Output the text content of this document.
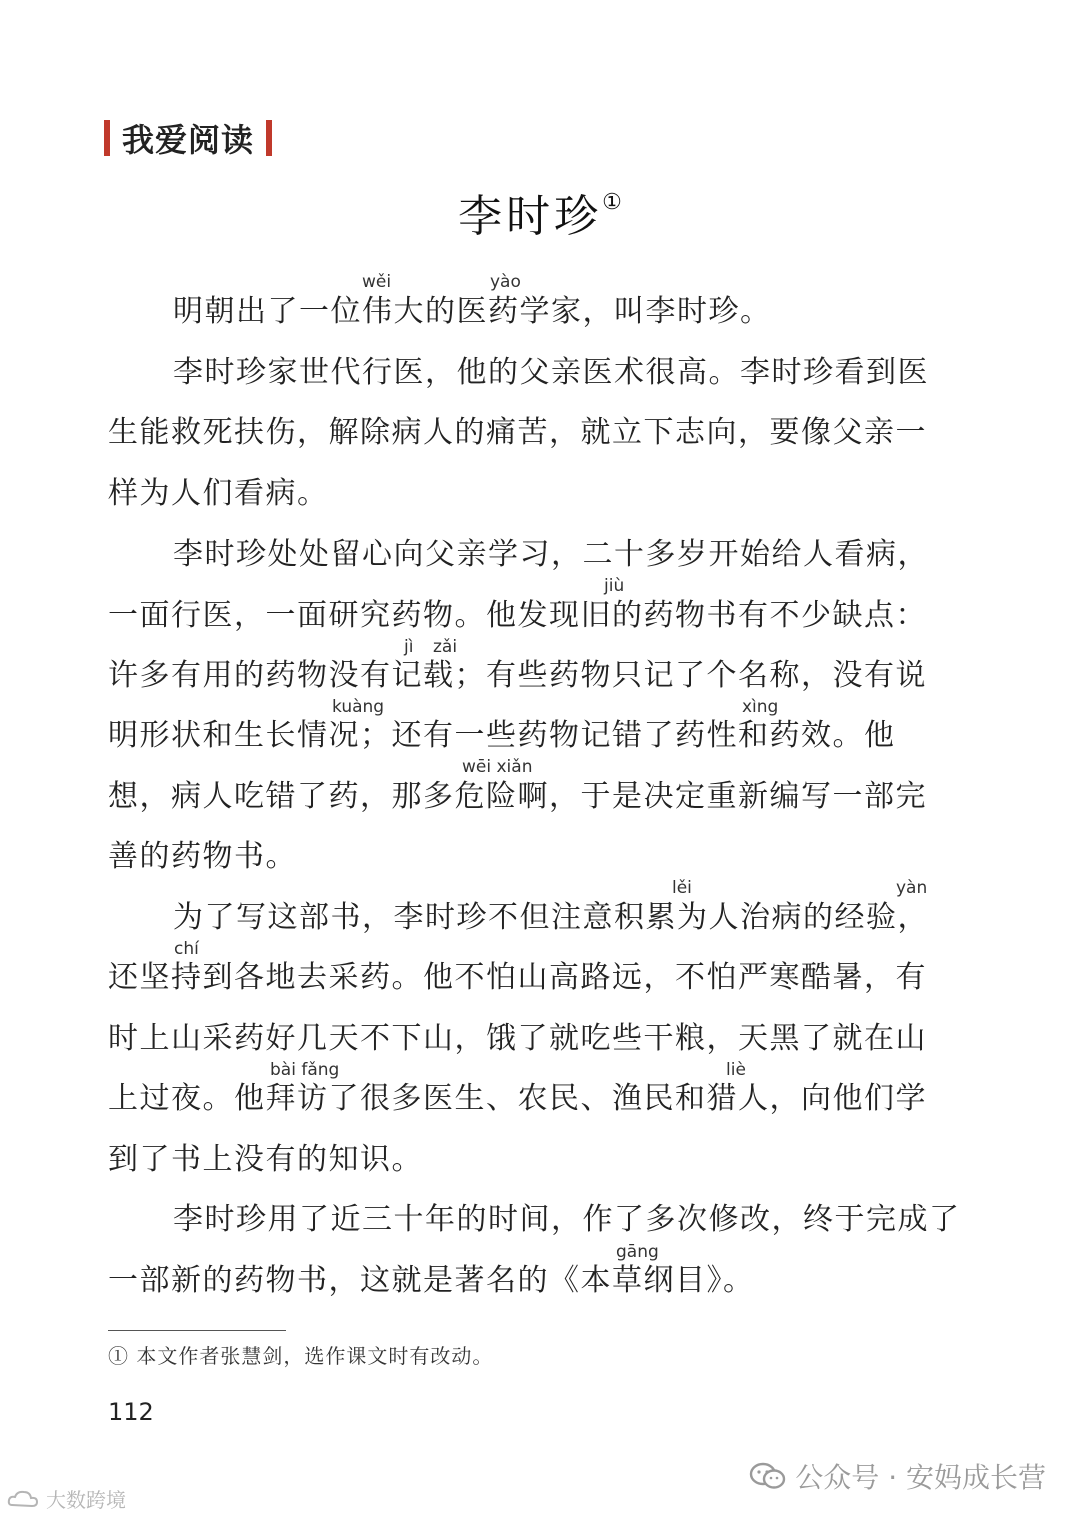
我爱阅读
李时珍①
wěi	yào
jiù
jì zǎi
kuàng	xìng
wēi xiǎn
lěi	yàn
chí
bài fǎng	liè
gāng
明朝出了一位伟大的医药学家，叫李时珍。
李时珍家世代行医，他的父亲医术很高。李时珍看到医
生能救死扶伤，解除病人的痛苦，就立下志向，要像父亲一
样为人们看病。
李时珍处处留心向父亲学习，二十多岁开始给人看病，
一面行医，一面研究药物。他发现旧的药物书有不少缺点：
许多有用的药物没有记载；有些药物只记了个名称，没有说
明形状和生长情况；还有一些药物记错了药性和药效。他
想，病人吃错了药，那多危险啊，于是决定重新编写一部完
善的药物书。
为了写这部书，李时珍不但注意积累为人治病的经验，
还坚持到各地去采药。他不怕山高路远，不怕严寒酷暑，有
时上山采药好几天不下山，饿了就吃些干粮，天黑了就在山
上过夜。他拜访了很多医生、农民、渔民和猎人，向他们学
到了书上没有的知识。
李时珍用了近三十年的时间，作了多次修改，终于完成了
一部新的药物书，这就是著名的《本草纲目》。
① 本文作者张慧剑，选作课文时有改动。
112
公众号 · 安妈成长营
大数跨境
